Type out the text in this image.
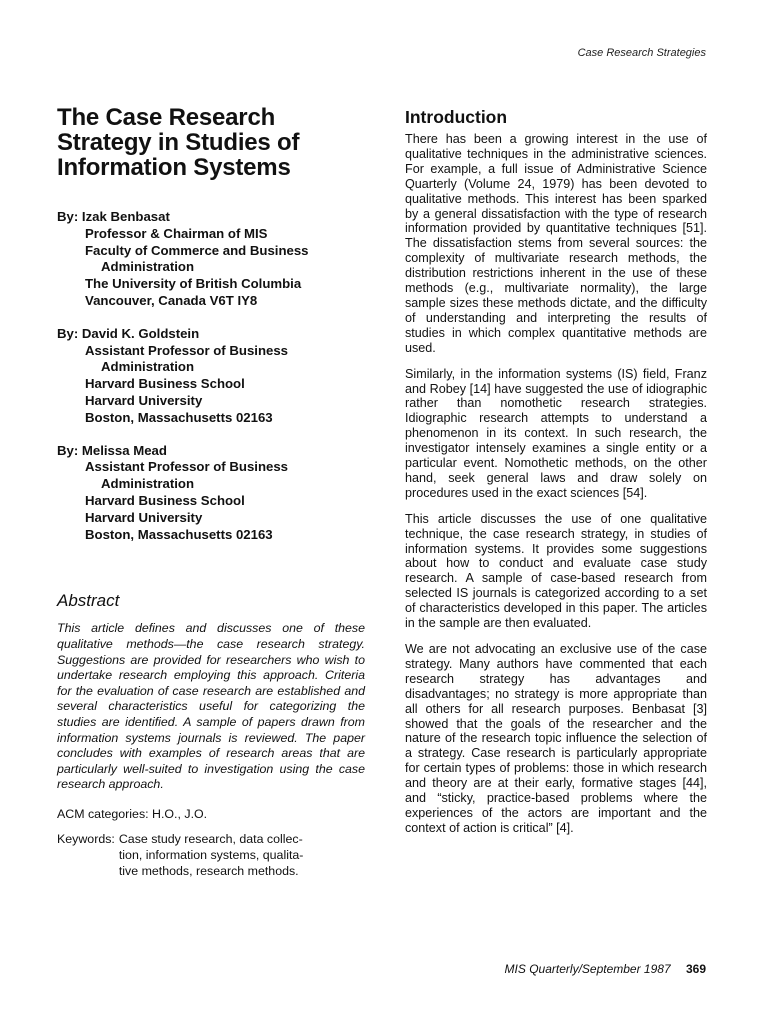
Case Research Strategies
The Case Research
Strategy in Studies of
Information Systems
By: Izak Benbasat
Professor & Chairman of MIS
Faculty of Commerce and Business
Administration
The University of British Columbia
Vancouver, Canada V6T IY8
By: David K. Goldstein
Assistant Professor of Business
Administration
Harvard Business School
Harvard University
Boston, Massachusetts 02163
By: Melissa Mead
Assistant Professor of Business
Administration
Harvard Business School
Harvard University
Boston, Massachusetts 02163
Abstract

This article defines and discusses one of these qualitative methods—the case research strategy. Suggestions are provided for researchers who wish to undertake research employing this approach. Criteria for the evaluation of case research are established and several characteristics useful for categorizing the studies are identified. A sample of papers drawn from information systems journals is reviewed. The paper concludes with examples of research areas that are particularly well-suited to investigation using the case research approach.

ACM categories: H.O., J.O.

Keywords: Case study research, data collec-
tion, information systems, qualita-
tive methods, research methods.
Introduction

There has been a growing interest in the use of qualitative techniques in the administrative sciences. For example, a full issue of Administrative Science Quarterly (Volume 24, 1979) has been devoted to qualitative methods. This interest has been sparked by a general dissatisfaction with the type of research information provided by quantitative techniques [51]. The dissatisfaction stems from several sources: the complexity of multivariate research methods, the distribution restrictions inherent in the use of these methods (e.g., multivariate normality), the large sample sizes these methods dictate, and the difficulty of understanding and interpreting the results of studies in which complex quantitative methods are used.

Similarly, in the information systems (IS) field, Franz and Robey [14] have suggested the use of idiographic rather than nomothetic research strategies. Idiographic research attempts to understand a phenomenon in its context. In such research, the investigator intensely examines a single entity or a particular event. Nomothetic methods, on the other hand, seek general laws and draw solely on procedures used in the exact sciences [54].

This article discusses the use of one qualitative technique, the case research strategy, in studies of information systems. It provides some suggestions about how to conduct and evaluate case study research. A sample of case-based research from selected IS journals is categorized according to a set of characteristics developed in this paper. The articles in the sample are then evaluated.

We are not advocating an exclusive use of the case strategy. Many authors have commented that each research strategy has advantages and disadvantages; no strategy is more appropriate than all others for all research purposes. Benbasat [3] showed that the goals of the researcher and the nature of the research topic influence the selection of a strategy. Case research is particularly appropriate for certain types of problems: those in which research and theory are at their early, formative stages [44], and “sticky, practice-based problems where the experiences of the actors are important and the context of action is critical” [4].

MIS Quarterly/September 1987 369
